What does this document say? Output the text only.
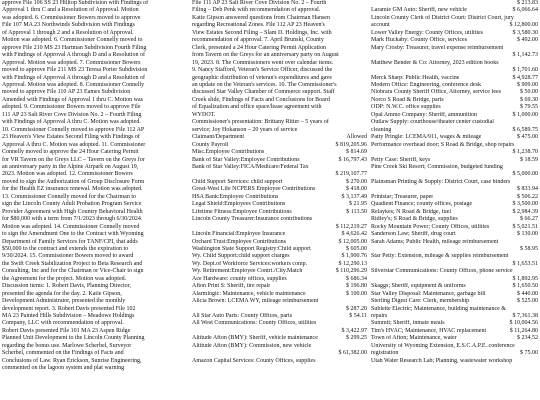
approve File 106 SS 23 Hilltop Subdivision with Findings of
Approval 1 thru C and a Resolution of Approval. Motion
was adopted. 6. Commissioner Bowers moved to approve
File 107 MA 23 Northwinds Subdivision with Findings
of Approval 1 through 2 and a Resolution of Approval.
Motion was adopted. 6. Commissioner Connelly moved to
approve File 210 MS 23 Hartman Subdivision Fourth Filing
with Findings of Approval A through D and a Resolution of
Approval. Motion was adopted. 7. Commissioner Bowers
moved to approve File 211 MS 23 Teresa Porter Subdivision
with Findings of Approval A through D and a Resolution of
Approval. Motion was adopted. 8. Commissioner Connelly
moved to approve File 110 AP 23 Eames Subdivision
Amended with Findings of Approval 1 thru C. Motion was
adopted. 9. Commissioner Bowers moved to approve File
111 AP 23 Salt River Cove Division No. 2 – Fourth Filing
with Findings of Approval A thru C. Motion was adopted.
10. Commissioner Connelly moved to approve File 112 AP
23 Heaven's View Estates Second Filing with Findings of
Approval A thru C. Motion was adopted. 11. Commissioner
Connelly moved to approve the 24 Hour Catering Permit
for VR Tavern on the Greys LLC – Tavern on the Greys for
an anniversary party in the Alpine Airpark on August 19,
2023. Motion was adopted. 12. Commissioner Bowers
moved to sign the Authorization of Group Disclosure Form
for the Health EZ insurance renewal. Motion was adopted.
13. Commissioner Connelly moved for the Chairman to
sign the Lincoln County Adult Probation Program Service
Provider Agreement with High Country Behavioral Health
for $80,000 with a term from 7/1/2023 through 6/30/2024.
Motion was adopted. 14. Commissioner Connelly moved
to sign the Amendment One to the Contract with Wyoming
Department of Family Services for TANF/CPI, that adds
$50,000 to the contract and extends the expiration to
9/30/2024. 15. Commissioner Bowers moved to award
the Swift Creek Stabilization Project to Beta Research and
Consulting, Inc and for the Chairman or Vice-Chair to sign
the Agreement for the project. Motion was adopted.
Discussion items: 1. Robert Davis, Planning Director,
presented the agenda for the day. 2. Katie Gipson,
Development Administrator, presented the monthly
development report. 3. Robert Davis presented File 102
MA 23 Painted Hills Subdivision – Meadows Holdings
Company, LLC with recommendation of approval.
Robert Davis presented File 101 MA 23 Aspen Ridge
Planned Unit Development to the Lincoln County Planning
regarding the bonus use. Marlowe Scherbel, Surveyor
Scherbel, commented on the Findings of Facts and
Conclusions of Law. Ryan Erickson, Sunrise Engineering,
commented on the lagoon system and plat warning
File 111 AP 23 Salt River Cove Division No. 2 – Fourth
Filing – Deb Penk with recommendation of approval.
Katie Gipson answered questions from Chairman Hansen
regarding Recreational Zones. File 112 AP 23 Heaven's
View Estates Second Filing – Slam D. Holdings, Inc. with
recommendation of approval. 7. April Brunski, County
Clerk, presented a 24 Hour Catering Permit Application
from Tavern on the Greys for an anniversary party on August
19, 2023. 8. The Commissioners went over calendar items.
9. Nancy Stafford, Veteran's Service Officer, discussed the
geographic distribution of veteran's expenditures and gave
an update on the Veteran's services. 10. The Commissioner's
discussed Star Valley Chamber of Commerce support. Staff
Creek slide, Findings of Facts and Conclusions for Board
of Equalization and office space/lease agreement with
WYDOT.
Commissioner's presentation: Brittany Ritter – 5 years of
service; Joy Hokanson – 20 years of service
Claimant/Department	Allowed
County Payroll	$ 819,205.96
Misc.Employee Contributions	$ 814.69
Bank of Star Valley:Employee Contributions	$ 16,797.43
Bank of Star Valley:FICA/Medicare/Federal Tax
$ 219,107.77
Child Support Services: child support	$ 270.00
Great-West Life NCPERS Employee Contributions	$ 418.00
HSA Bank:Employee Contributions	$ 3,137.49
Legal Shield:Employees Contributions	$ 21.95
Lifetime Fitness:Employee Contributions	$ 113.50
Lincoln County Treasurer:Insurance contributions
$ 112,219.27
Lincoln Financial:Employee Insurance	$ 4,626.42
Orchard Trust:Employee Contributions	$ 12,005.00
Washington State Support Registry:Child support	$ 605.00
Wy. Child Support:child support charges	$ 1,900.76
Wy. Dept.of Workforce Services:workers comp.	$ 12,290.13
Wy. Retirement:Employee Contri./City.Match	$ 110,296.29
Ace Hardware: county offices, supplies	$ 686.34
Afton Print S: Sheriff, tire repair	$ 196.80
Alarmlogic: Maintenance, vehicle maintenance	$ 100.00
Alicia Brown: LCEMA WY, mileage reimbursement
$ 287.20
All Star Auto Parts: County Offices, parts	$ 54.11
All West Communications: County Offices, utilities
$ 3,422.97
Altitude Afton (BMY): Sheriff, vehicle maintenance	$ 299.25
Altitude Afton (BMY): Commission, new vehicle
$ 61,382.00
Amazon Capital Services: County Offices, supplies
$ 213.83
Laramie GM Auto: Sheriff, new vehicle	$ 6,066.64
Lincoln County Clerk of District Court: District Court, jury
account	$ 12,800.00
Lower Valley Energy: County Offices, utilities	$ 3,580.30
Mark Huckaby: County Office, services	$ 492.00
Mary Crosby: Treasurer, travel expense reimbursement
$ 1,142.73
Matthew Bender & Co: Attorney, 2023 edition books
$ 1,701.60
Merck Sharp: Public Health, vaccine	$ 4,928.77
Modern Office: Engineering, conference desk	$ 909.00
Niobrara County Sheriff Office, Attorney, service fees	$ 50.00
Norco S Road & Bridge, parts	$ 69.30
ODP: N.W.C. office supplies	$ 79.55
Opal Ammo Company: Sheriff, ammunition	$ 1,000.00
Outlaw Supply: courthouse/theater center custodial
cleaning	$ 6,589.75
Patty Pringle: LCEMA/911, wages & mileage	$ 475.00
Performance overhead door; S Road & Bridge, shop repairs
$ 1,238.70
Petty Case: Sheriff, keys	$ 18.59
Pine Creek Ski Resort; Commission, budgeted funding
$ 5,000.00
Plainsman Printing & Supply: District Court, case binders
$ 833.94
Printstar; Treasurer, paper	$ 506.22
Quadient Finance; county offices, postage	$ 3,500.00
Relaykes; N Road & Bridge, fuel	$ 2,984.39
Ridley's; S Road & Bridge, supplies	$ 66.27
Rocky Mountain Power; County Offices, utilities	$ 5,021.51
Sanderson Law; Sheriff, drug court	$ 130.00
Sarah Adams; Public Health, mileage reimbursement
$ 58.95
Star Petty: Extension, mileage & supplies reimbursement
$ 1,653.51
Silverstar Communications: County Offices, phone service
$ 1,892.95
Skaggs; Sheriff, equipment & uniforms	$ 1,650.50
Star Valley Disposal: Maintenance, garbage bill	$ 440.00
Sterling Digest Care: Clerk, membership	$ 525.00
Sublette Electric; Maintenance, building maintenance &
repairs	$ 7,361.38
Summit; Sheriff, inmate meals	$ 10,004.56
Tim's HVAC; Maintenance, HVAC replacement	$ 11,264.80
Town of Afton; Maintenance, water	$ 234.52
University of Wyoming Extension, E.S.C.A.P.E. conference
registration	$ 75.00
Utah Water Research Lab; Planning, wastewater workshop
